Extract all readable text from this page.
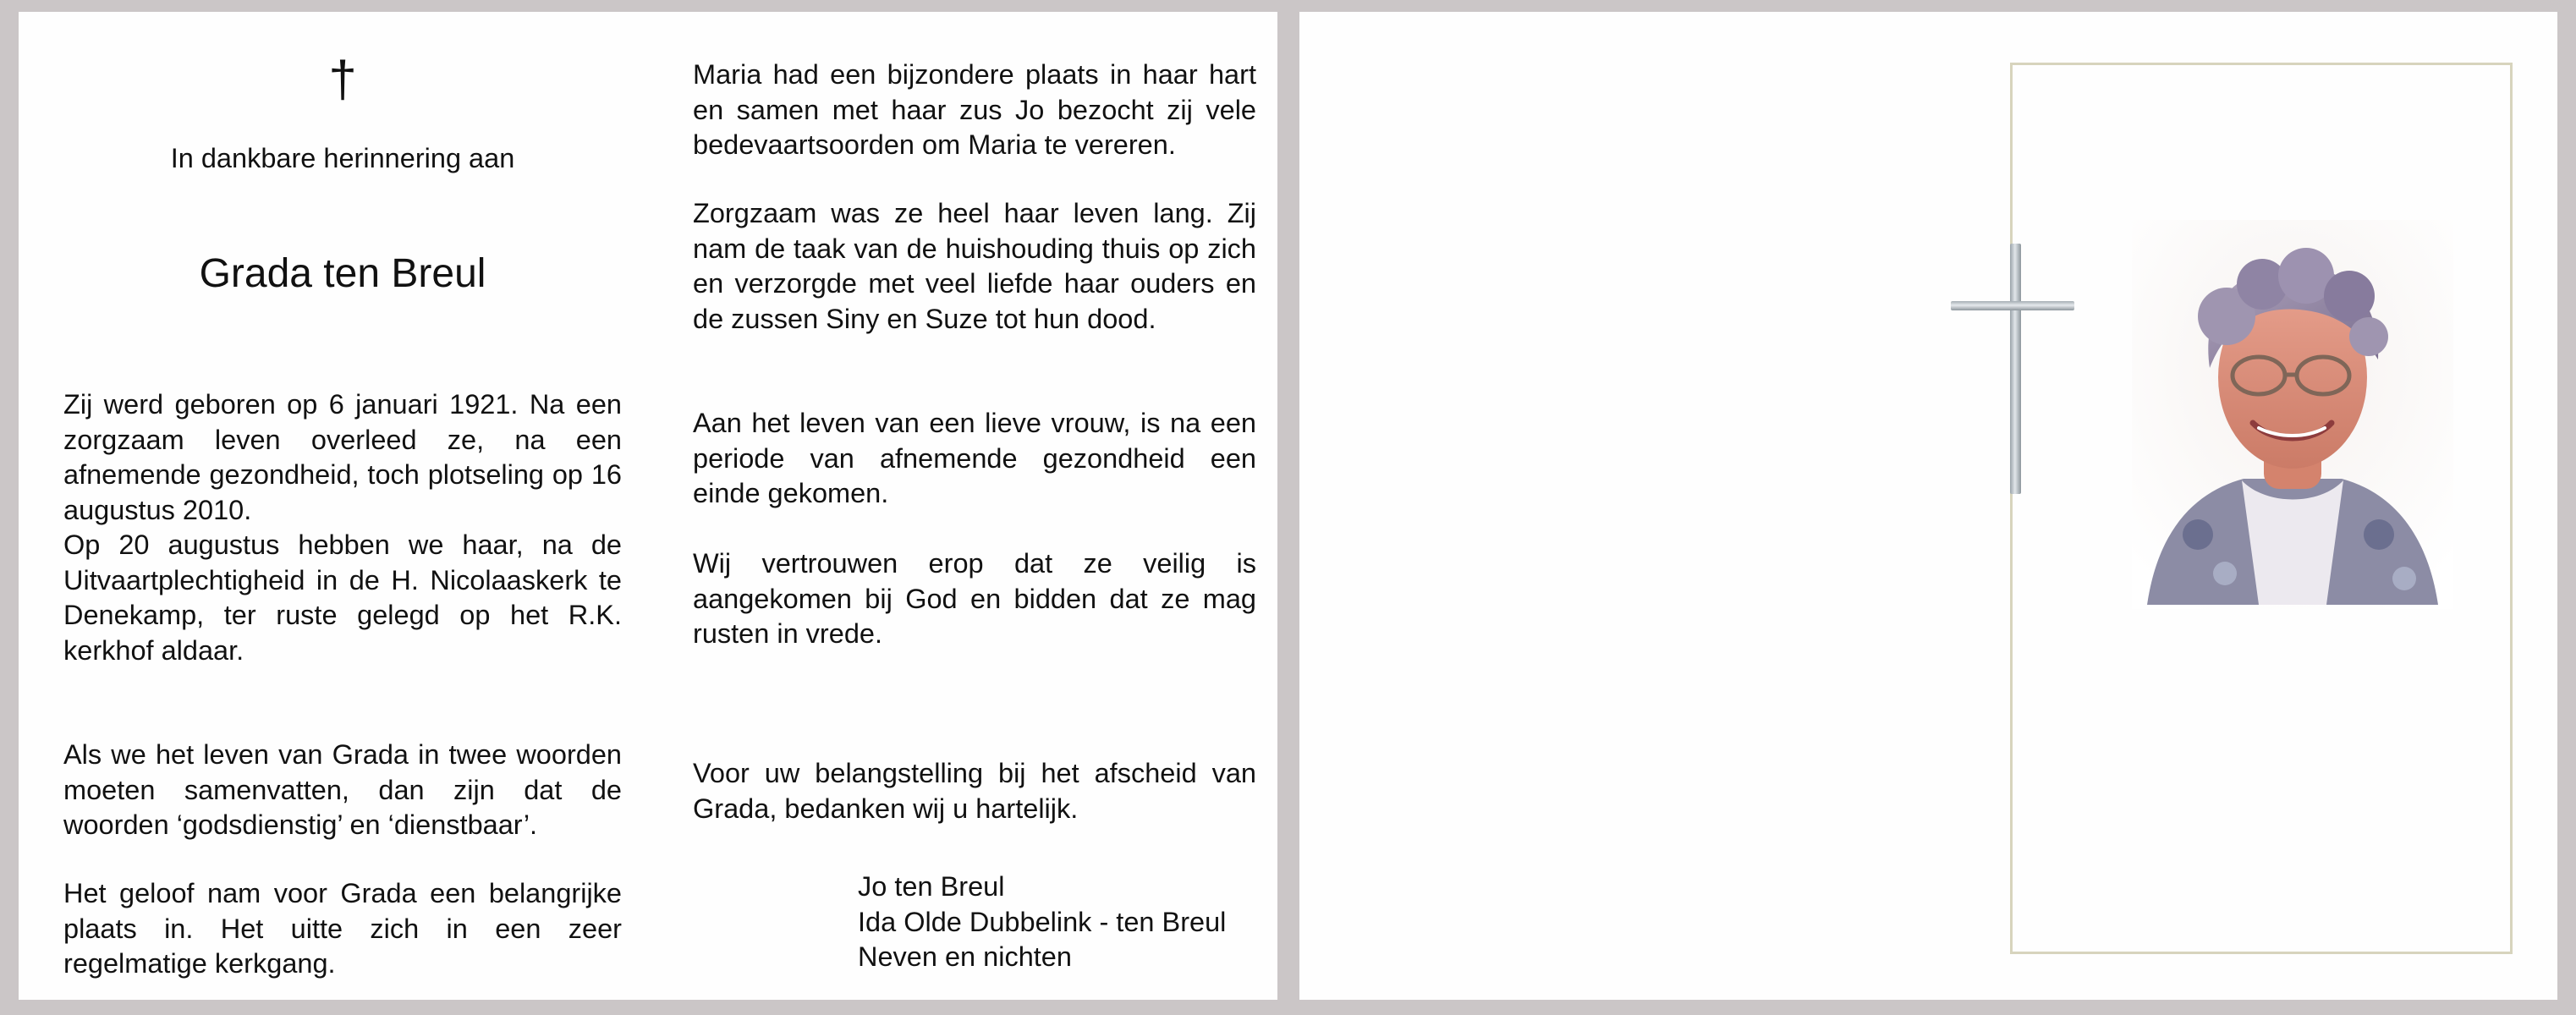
†
In dankbare herinnering aan
Grada ten Breul

Zij werd geboren op 6 januari 1921. Na een zorgzaam leven overleed ze, na een afnemende gezondheid, toch plotseling op 16 augustus 2010.

Op 20 augustus hebben we haar, na de Uitvaartplechtigheid in de H. Nicolaaskerk te Denekamp, ter ruste gelegd op het R.K. kerkhof aldaar.

Als we het leven van Grada in twee woorden moeten samenvatten, dan zijn dat de woorden ‘godsdienstig’ en ‘dienstbaar’.

Het geloof nam voor Grada een belangrijke plaats in. Het uitte zich in een zeer regelmatige kerkgang.

Maria had een bijzondere plaats in haar hart en samen met haar zus Jo bezocht zij vele bedevaartsoorden om Maria te vereren.

Zorgzaam was ze heel haar leven lang. Zij nam de taak van de huishouding thuis op zich en verzorgde met veel liefde haar ouders en de zussen Siny en Suze tot hun dood.

Aan het leven van een lieve vrouw, is na een periode van afnemende gezondheid een einde gekomen.

Wij vertrouwen erop dat ze veilig is aangekomen bij God en bidden dat ze mag rusten in vrede.

Voor uw belangstelling bij het afscheid van Grada, bedanken wij u hartelijk.

Jo ten Breul
Ida Olde Dubbelink - ten Breul
Neven en nichten
